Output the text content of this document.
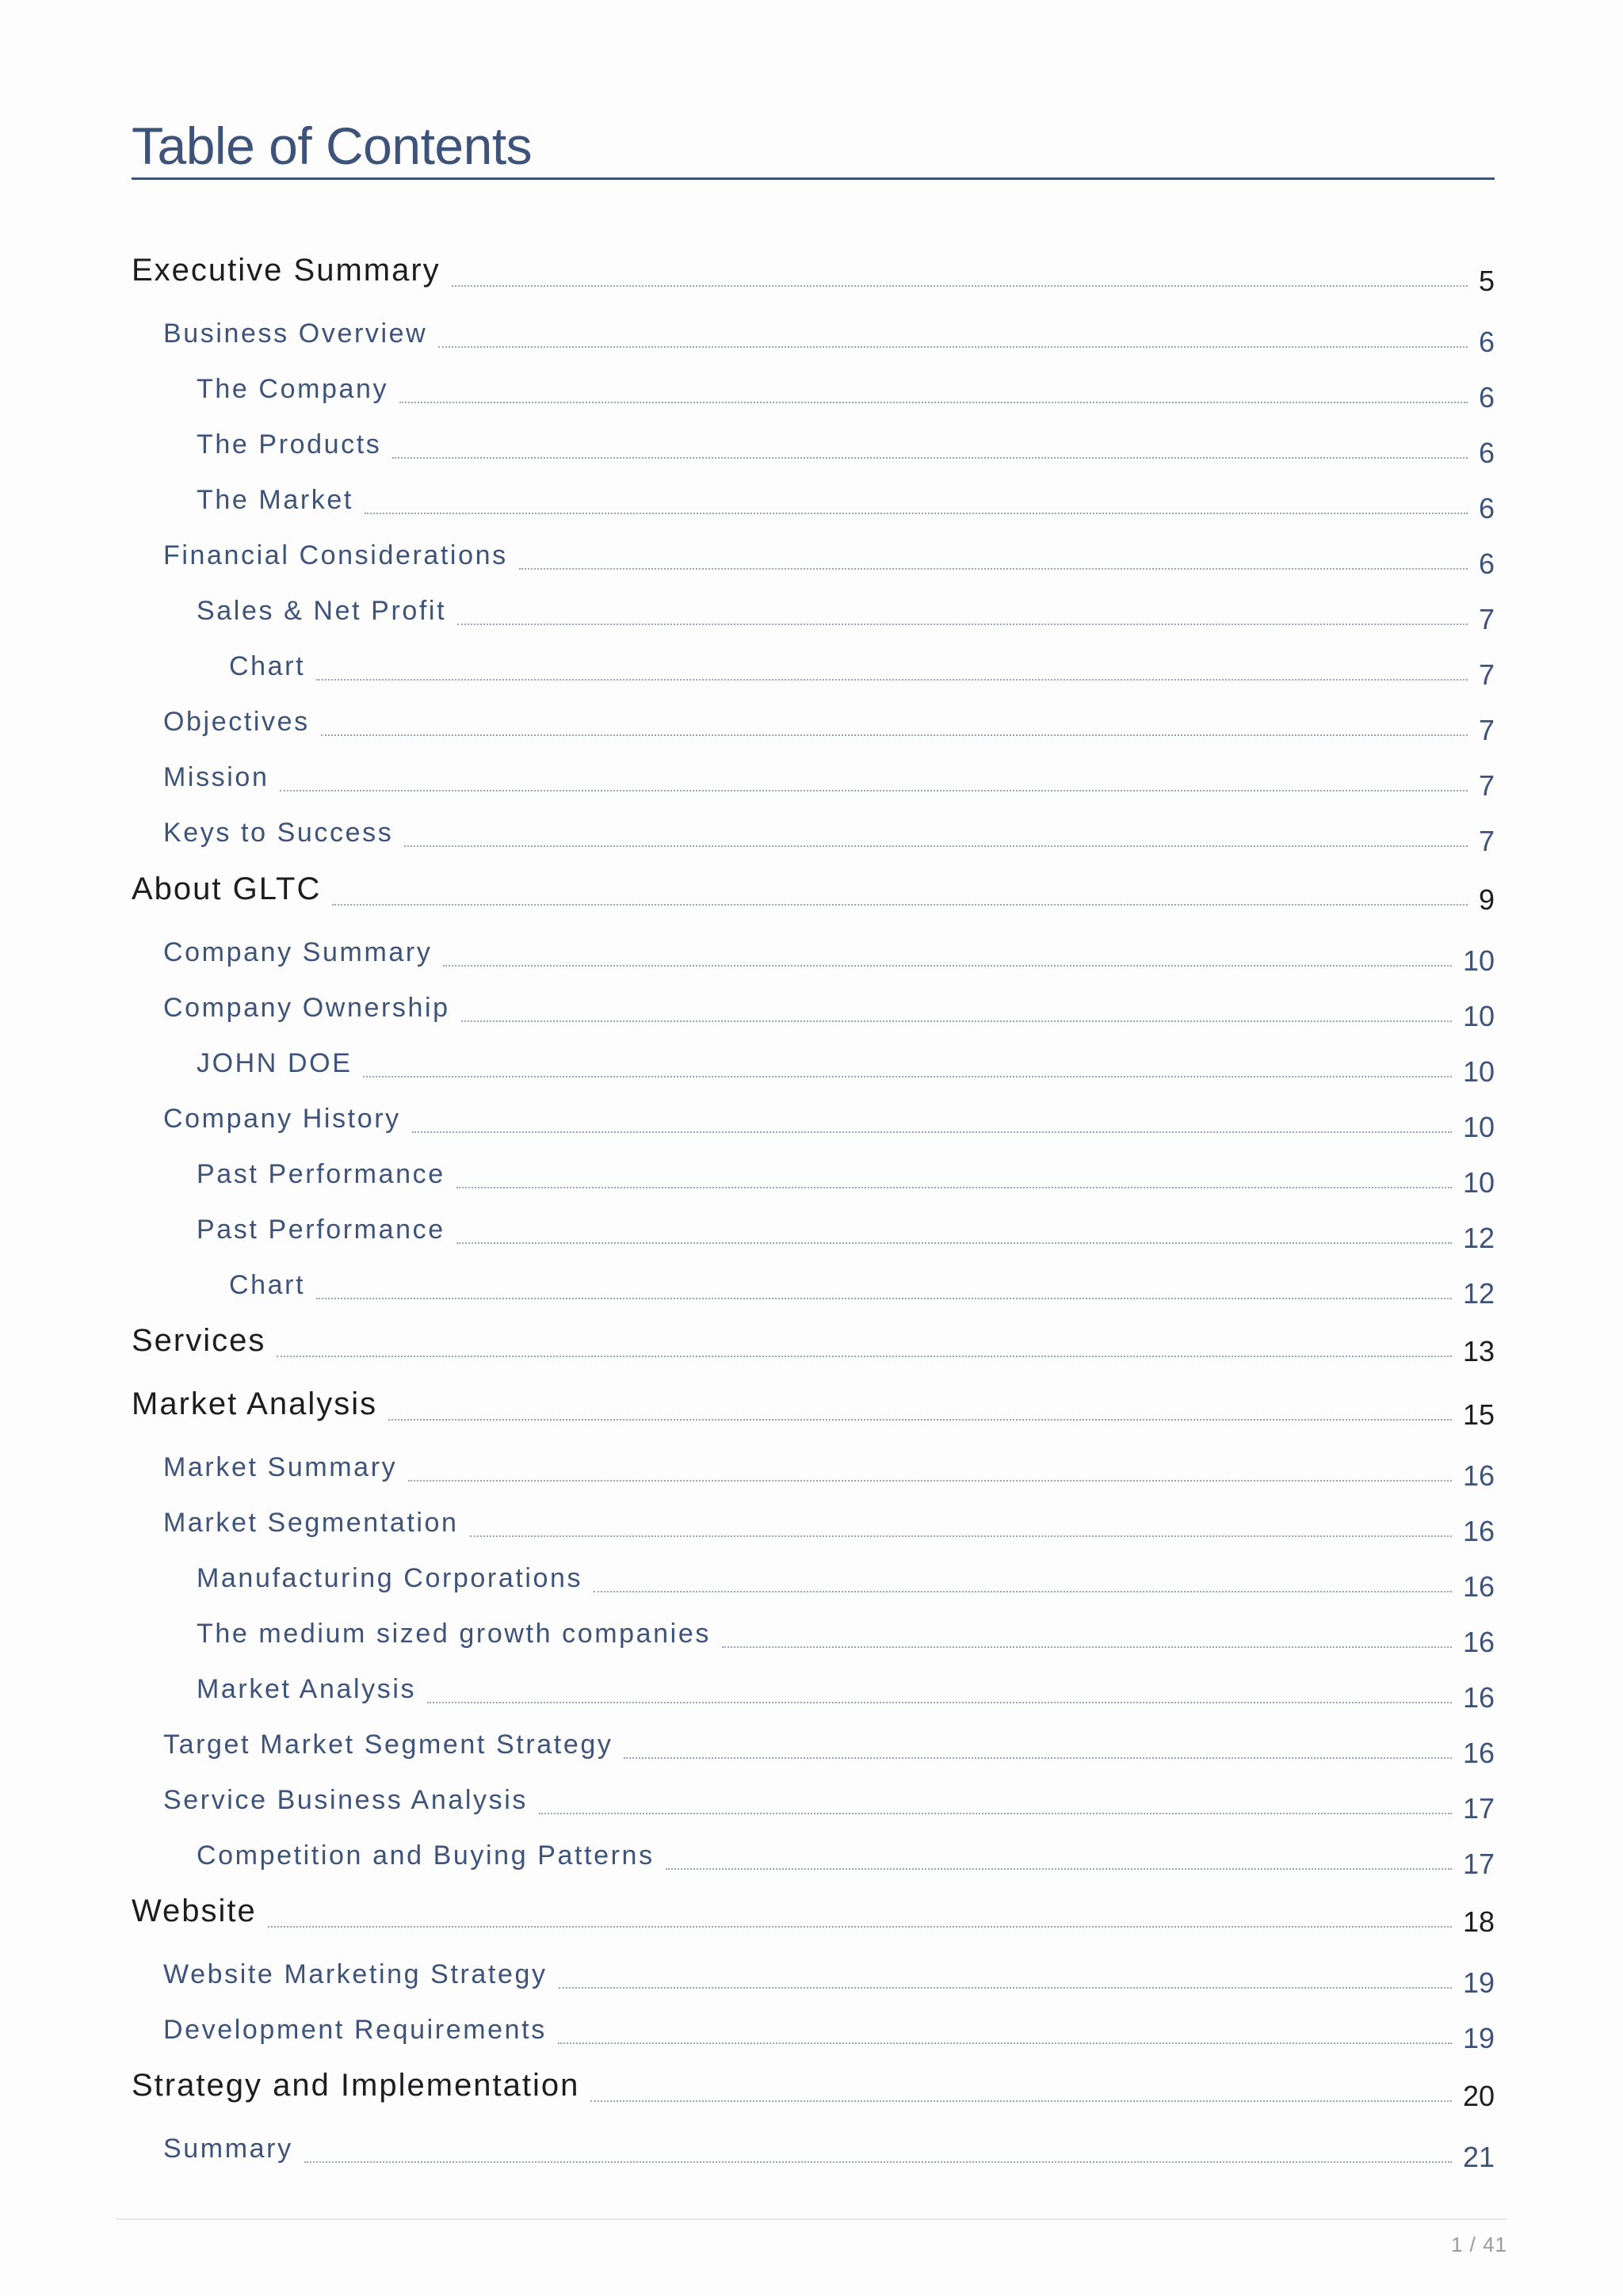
Table of Contents
Executive Summary	5
Business Overview	6
The Company	6
The Products	6
The Market	6
Financial Considerations	6
Sales & Net Profit	7
Chart	7
Objectives	7
Mission	7
Keys to Success	7
About GLTC	9
Company Summary	10
Company Ownership	10
JOHN DOE	10
Company History	10
Past Performance	10
Past Performance	12
Chart	12
Services	13
Market Analysis	15
Market Summary	16
Market Segmentation	16
Manufacturing Corporations	16
The medium sized growth companies	16
Market Analysis	16
Target Market Segment Strategy	16
Service Business Analysis	17
Competition and Buying Patterns	17
Website	18
Website Marketing Strategy	19
Development Requirements	19
Strategy and Implementation	20
Summary	21
1 / 41
